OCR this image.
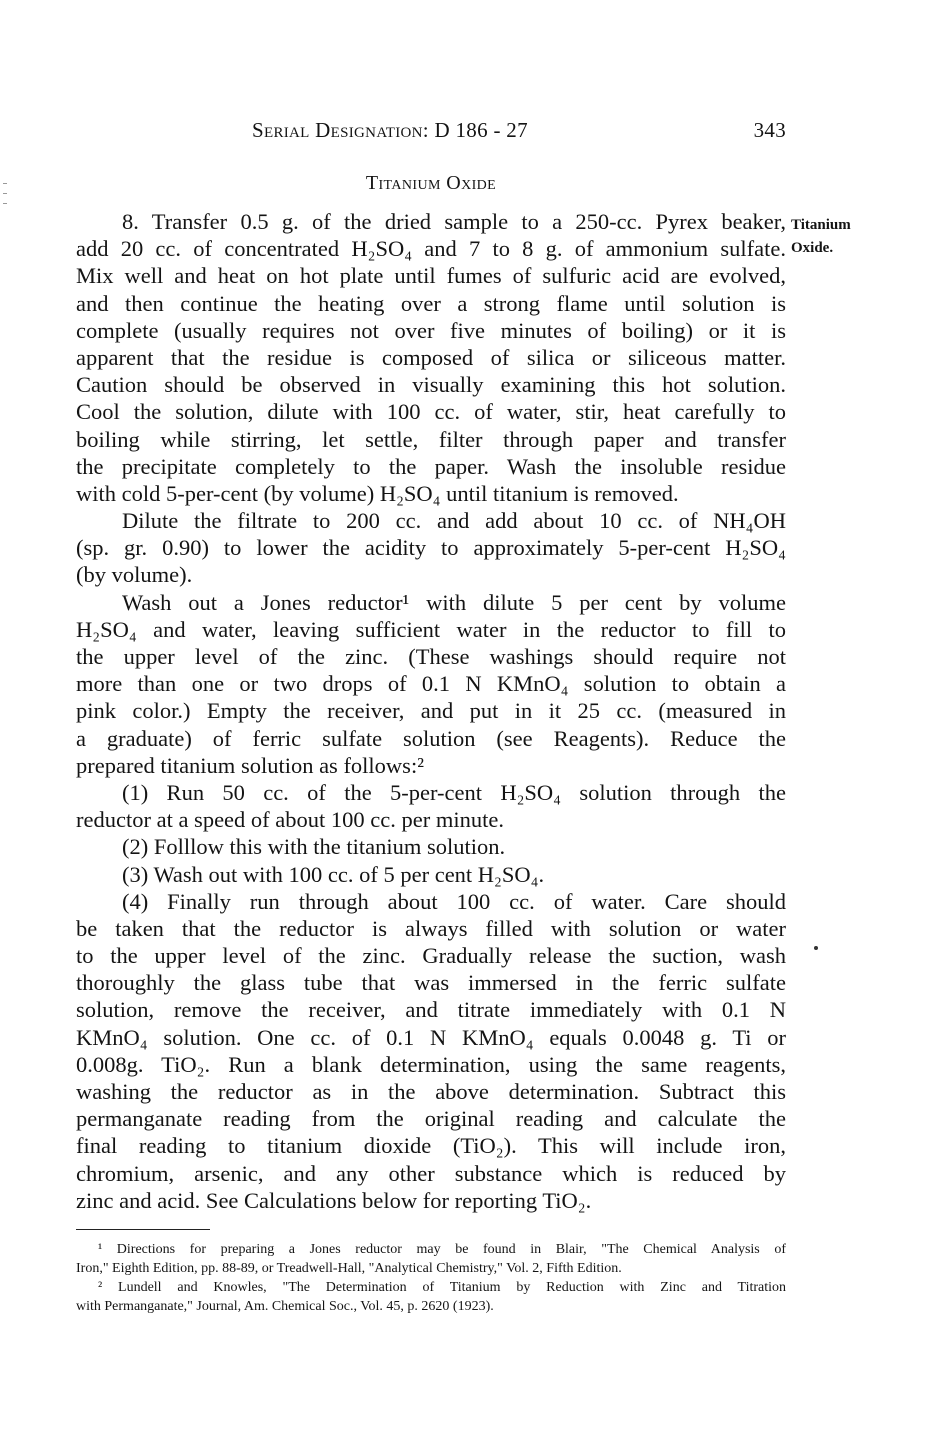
Serial Designation: D 186 - 27	343
Titanium Oxide
Titanium
Oxide.
8. Transfer 0.5 g. of the dried sample to a 250-cc. Pyrex beaker,
add 20 cc. of concentrated H₂SO₄ and 7 to 8 g. of ammonium sulfate.
Mix well and heat on hot plate until fumes of sulfuric acid are evolved,
and then continue the heating over a strong flame until solution is
complete (usually requires not over five minutes of boiling) or it is
apparent that the residue is composed of silica or siliceous matter.
Caution should be observed in visually examining this hot solution.
Cool the solution, dilute with 100 cc. of water, stir, heat carefully to
boiling while stirring, let settle, filter through paper and transfer
the precipitate completely to the paper. Wash the insoluble residue
with cold 5-per-cent (by volume) H₂SO₄ until titanium is removed.
Dilute the filtrate to 200 cc. and add about 10 cc. of NH₄OH
(sp. gr. 0.90) to lower the acidity to approximately 5-per-cent H₂SO₄
(by volume).
Wash out a Jones reductor¹ with dilute 5 per cent by volume
H₂SO₄ and water, leaving sufficient water in the reductor to fill to
the upper level of the zinc. (These washings should require not
more than one or two drops of 0.1 N KMnO₄ solution to obtain a
pink color.) Empty the receiver, and put in it 25 cc. (measured in
a graduate) of ferric sulfate solution (see Reagents). Reduce the
prepared titanium solution as follows:²
(1) Run 50 cc. of the 5-per-cent H₂SO₄ solution through the
reductor at a speed of about 100 cc. per minute.
(2) Folllow this with the titanium solution.
(3) Wash out with 100 cc. of 5 per cent H₂SO₄.
(4) Finally run through about 100 cc. of water. Care should
be taken that the reductor is always filled with solution or water
to the upper level of the zinc. Gradually release the suction, wash
thoroughly the glass tube that was immersed in the ferric sulfate
solution, remove the receiver, and titrate immediately with 0.1 N
KMnO₄ solution. One cc. of 0.1 N KMnO₄ equals 0.0048 g. Ti or
0.008g. TiO₂. Run a blank determination, using the same reagents,
washing the reductor as in the above determination. Subtract this
permanganate reading from the original reading and calculate the
final reading to titanium dioxide (TiO₂). This will include iron,
chromium, arsenic, and any other substance which is reduced by
zinc and acid. See Calculations below for reporting TiO₂.
¹ Directions for preparing a Jones reductor may be found in Blair, "The Chemical Analysis of
Iron," Eighth Edition, pp. 88-89, or Treadwell-Hall, "Analytical Chemistry," Vol. 2, Fifth Edition.
² Lundell and Knowles, "The Determination of Titanium by Reduction with Zinc and Titration
with Permanganate," Journal, Am. Chemical Soc., Vol. 45, p. 2620 (1923).
